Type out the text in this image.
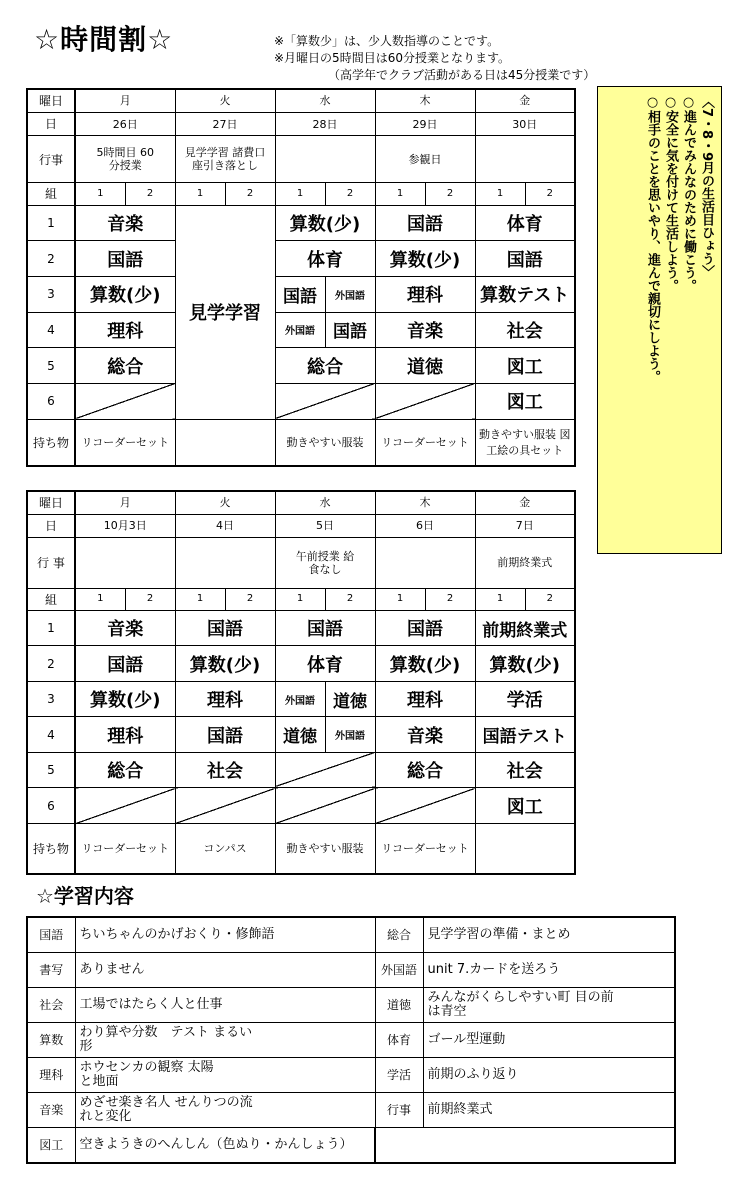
☆時間割☆	※「算数少」は、少人数指導のことです。
※月曜日の5時間目は60分授業となります。
（高学年でクラブ活動がある日は45分授業です）
曜日	月		火		水		木		金	
日	26日		27日		28日		29日		30日	
行事	5時間目 60分授業		見学学習 諸費口座引き落とし				参観日			
組	1	2	1	2	1	2	1	2	1	2
1	音楽		見学学習		算数(少)		国語		体育	
2	国語				体育		算数(少)		国語	
3	算数(少)				国語	外国語	理科		算数テスト	
4	理科				外国語	国語	音楽		社会	
5	総合				総合		道徳		図工	
6									図工	
持ち物	リコーダーセット				動きやすい服装		リコーダーセット		動きやすい服装 図工絵の具セット	
〈7・8・9月の生活目ひょう〉
○進んでみんなのために働こう。
○安全に気を付けて生活しよう。
○相手のことを思いやり、進んで親切にしよう。
曜日	月		火		水		木		金	
日	10月3日		4日		5日		6日		7日	
行 事					午前授業 給食なし				前期終業式	
組	1	2	1	2	1	2	1	2	1	2
1	音楽		国語		国語		国語		前期終業式	
2	国語		算数(少)		体育		算数(少)		算数(少)	
3	算数(少)		理科		外国語	道徳	理科		学活	
4	理科		国語		道徳	外国語	音楽		国語テスト	
5	総合		社会				総合		社会	
6									図工	
持ち物	リコーダーセット		コンパス		動きやすい服装		リコーダーセット			
☆学習内容
国語	ちいちゃんのかげおくり・修飾語	総合	見学学習の準備・まとめ
書写	ありません	外国語	unit 7.カードを送ろう
社会	工場ではたらく人と仕事	道徳	みんながくらしやすい町 目の前は青空
算数	わり算や分数　テスト まるい形	体育	ゴール型運動
理科	ホウセンカの観察 太陽と地面	学活	前期のふり返り
音楽	めざせ楽き名人 せんりつの流れと変化	行事	前期終業式
図工	空きようきのへんしん（色ぬり・かんしょう）		
